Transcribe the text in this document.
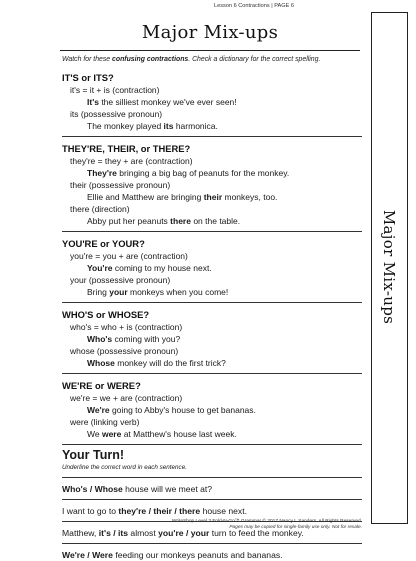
Lesson 6 Contractions | PAGE 6
Major Mix-ups
Watch for these confusing contractions. Check a dictionary for the correct spelling.
IT'S or ITS?
it's = it + is (contraction)
It's the silliest monkey we've ever seen!
its (possessive pronoun)
The monkey played its harmonica.
THEY'RE, THEIR, or THERE?
they're = they + are (contraction)
They're bringing a big bag of peanuts for the monkey.
their (possessive pronoun)
Ellie and Matthew are bringing their monkeys, too.
there (direction)
Abby put her peanuts there on the table.
YOU'RE or YOUR?
you're = you + are (contraction)
You're coming to my house next.
your (possessive pronoun)
Bring your monkeys when you come!
WHO'S or WHOSE?
who's = who + is (contraction)
Who's coming with you?
whose (possessive pronoun)
Whose monkey will do the first trick?
WE'RE or WERE?
we're = we + are (contraction)
We're going to Abby's house to get bananas.
were (linking verb)
We were at Matthew's house last week.
Your Turn!
Underline the correct word in each sentence.
Who's / Whose house will we meet at?
I want to go to they're / their / there house next.
Matthew, it's / its almost you're / your turn to feed the monkey.
We're / Were feeding our monkeys peanuts and bananas.
WriteShop Level 3 Fold-N-Go™ Grammar © 2017 Nancy I. Sanders. All Rights Reserved.
Pages may be copied for single-family use only. Not for resale.
Major Mix-ups
